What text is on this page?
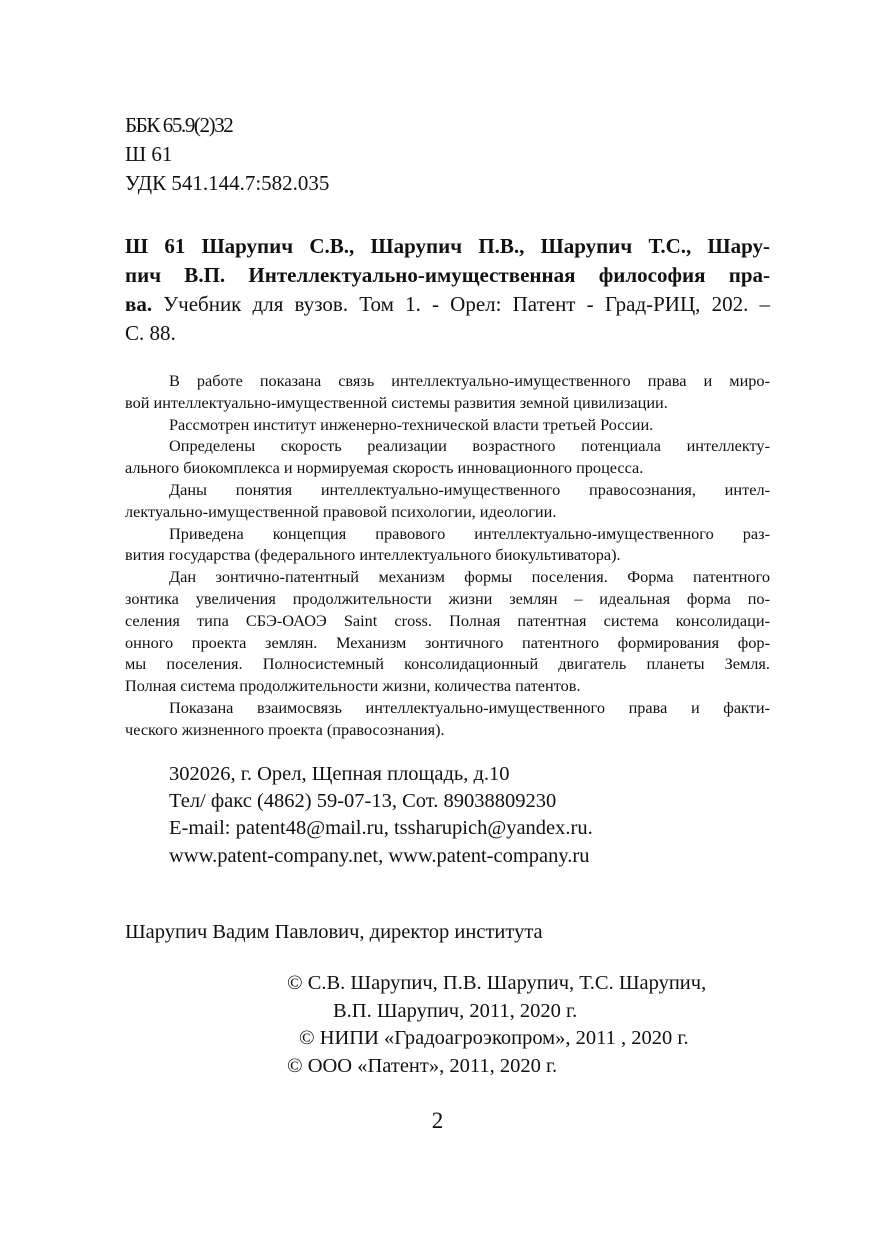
ББК 65.9(2)32
Ш 61
УДК 541.144.7:582.035
Ш 61 Шарупич С.В., Шарупич П.В., Шарупич Т.С., Шару-
пич В.П. Интеллектуально-имущественная философия пра-
ва. Учебник для вузов. Том 1. - Орел: Патент - Град-РИЦ, 202. –
С. 88.
В работе показана связь интеллектуально-имущественного права и миро-
вой интеллектуально-имущественной системы развития земной цивилизации.
Рассмотрен институт инженерно-технической власти третьей России.
Определены скорость реализации возрастного потенциала интеллекту-
ального биокомплекса и нормируемая скорость инновационного процесса.
Даны понятия интеллектуально-имущественного правосознания, интел-
лектуально-имущественной правовой психологии, идеологии.
Приведена концепция правового интеллектуально-имущественного раз-
вития государства (федерального интеллектуального биокультиватора).
Дан зонтично-патентный механизм формы поселения. Форма патентного
зонтика увеличения продолжительности жизни землян – идеальная форма по-
селения типа СБЭ-ОАОЭ Saint cross. Полная патентная система консолидаци-
онного проекта землян. Механизм зонтичного патентного формирования фор-
мы поселения. Полносистемный консолидационный двигатель планеты Земля.
Полная система продолжительности жизни, количества патентов.
Показана взаимосвязь интеллектуально-имущественного права и факти-
ческого жизненного проекта (правосознания).
302026, г. Орел, Щепная площадь, д.10
Тел/ факс (4862) 59-07-13, Сот. 89038809230
E-mail: patent48@mail.ru, tssharupich@yandex.ru.
www.patent-company.net, www.patent-company.ru
Шарупич Вадим Павлович, директор института
© С.В. Шарупич, П.В. Шарупич, Т.С. Шарупич,
В.П. Шарупич, 2011, 2020 г.
© НИПИ «Градоагроэкопром», 2011 , 2020 г.
© ООО «Патент», 2011, 2020 г.
2
